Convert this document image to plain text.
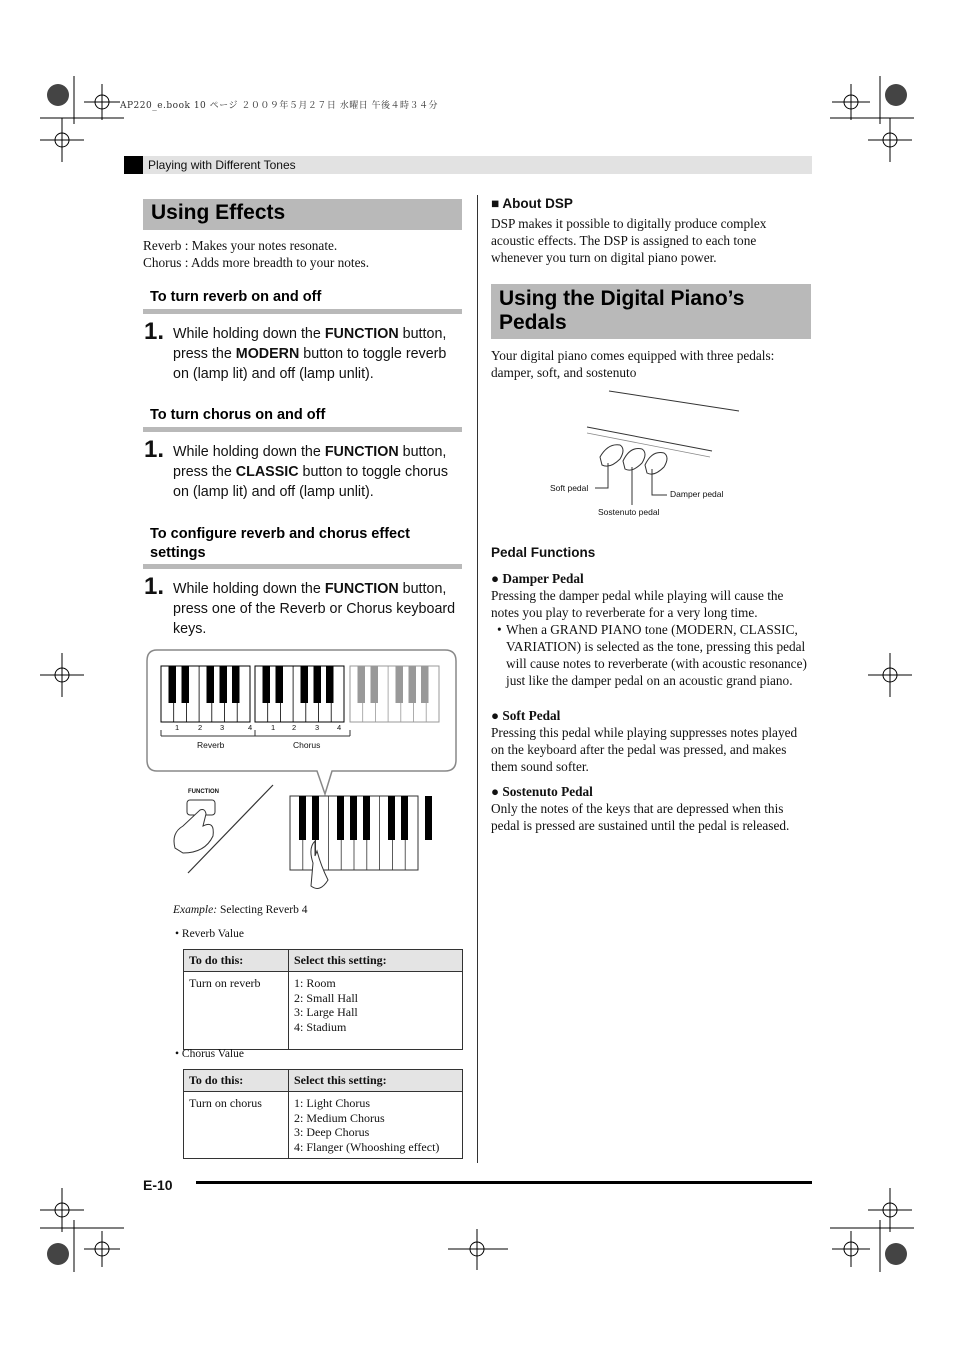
AP220_e.book 10 ページ ２００９年５月２７日 水曜日 午後４時３４分
Playing with Different Tones
Using Effects
Reverb : Makes your notes resonate.
Chorus : Adds more breadth to your notes.
To turn reverb on and off
1. While holding down the FUNCTION button, press the MODERN button to toggle reverb on (lamp lit) and off (lamp unlit).
To turn chorus on and off
1. While holding down the FUNCTION button, press the CLASSIC button to toggle chorus on (lamp lit) and off (lamp unlit).
To configure reverb and chorus effect settings
1. While holding down the FUNCTION button, press one of the Reverb or Chorus keyboard keys.
FUNCTION
1	2 3	4	1 2	3 4
Reverb	Chorus
Example: Selecting Reverb 4
• Reverb Value
To do this:	Select this setting:
Turn on reverb	1: Room
2: Small Hall
3: Large Hall
4: Stadium
• Chorus Value
To do this:	Select this setting:
Turn on chorus	1: Light Chorus
2: Medium Chorus
3: Deep Chorus
4: Flanger (Whooshing effect)
■ About DSP
DSP makes it possible to digitally produce complex acoustic effects. The DSP is assigned to each tone whenever you turn on digital piano power.
Using the Digital Piano’s
Pedals
Your digital piano comes equipped with three pedals: damper, soft, and sostenuto
Soft pedal
Sostenuto pedal
Damper pedal
Pedal Functions
● Damper Pedal
Pressing the damper pedal while playing will cause the notes you play to reverberate for a very long time.
• When a GRAND PIANO tone (MODERN, CLASSIC, VARIATION) is selected as the tone, pressing this pedal will cause notes to reverberate (with acoustic resonance) just like the damper pedal on an acoustic grand piano.
● Soft Pedal
Pressing this pedal while playing suppresses notes played on the keyboard after the pedal was pressed, and makes them sound softer.
● Sostenuto Pedal
Only the notes of the keys that are depressed when this pedal is pressed are sustained until the pedal is released.
E-10
